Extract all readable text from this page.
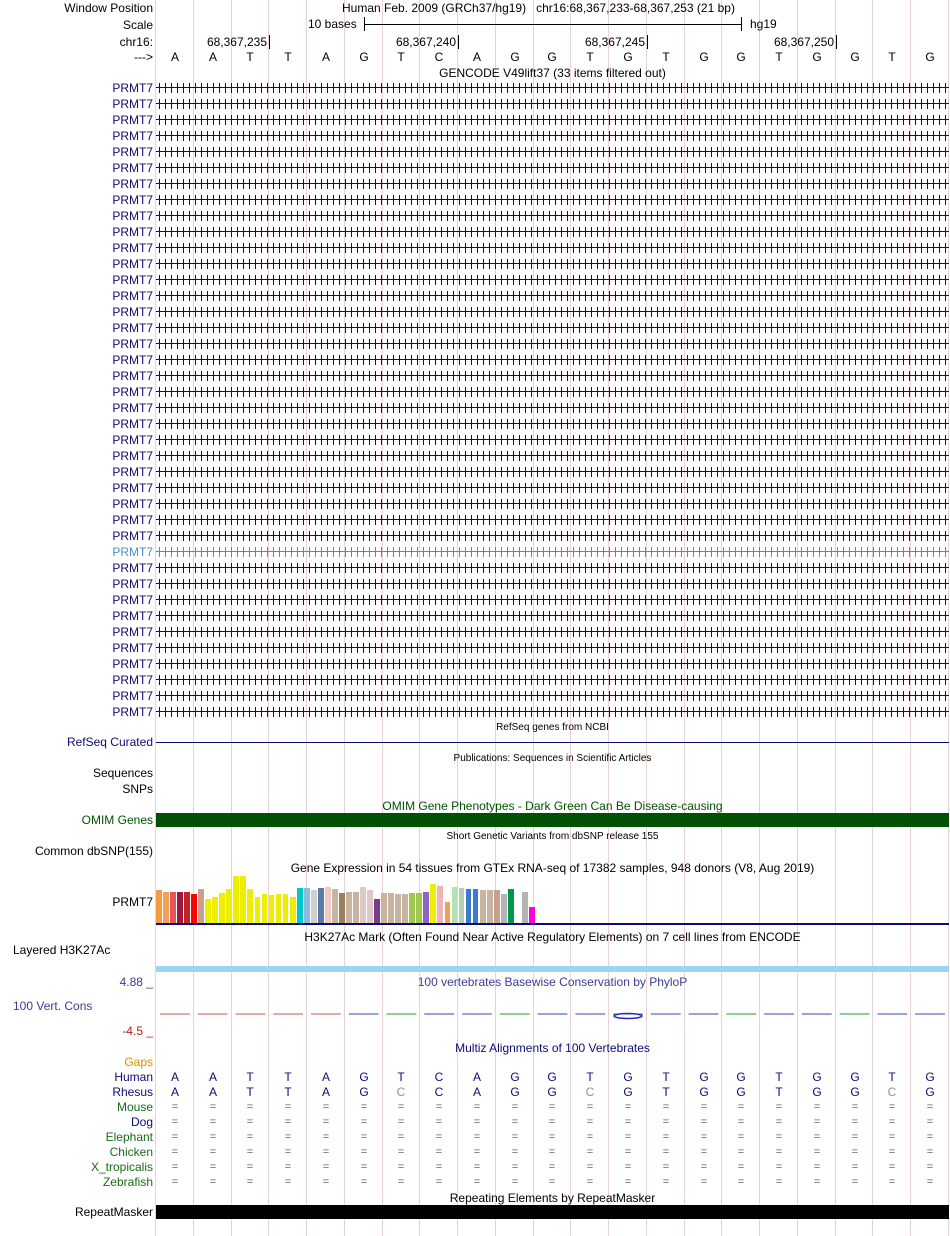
Window Position
Scale
chr16:
--->
Human Feb. 2009 (GRCh37/hg19) chr16:68,367,233-68,367,253 (21 bp)
10 bases	hg19
68,367,235	68,367,240	68,367,245	68,367,250
A	A	T	T	A	G	T	C	A	G	G	T	G	T	G	G	T	G	G	T	G
GENCODE V49lift37 (33 items filtered out)
PRMT7
PRMT7
PRMT7
PRMT7
PRMT7
PRMT7
PRMT7
PRMT7
PRMT7
PRMT7
PRMT7
PRMT7
PRMT7
PRMT7
PRMT7
PRMT7
PRMT7
PRMT7
PRMT7
PRMT7
PRMT7
PRMT7
PRMT7
PRMT7
PRMT7
PRMT7
PRMT7
PRMT7
PRMT7
PRMT7
PRMT7
PRMT7
PRMT7
PRMT7
PRMT7
PRMT7
PRMT7
PRMT7
PRMT7
PRMT7
RefSeq genes from NCBI
RefSeq Curated
Publications: Sequences in Scientific Articles
Sequences
SNPs
OMIM Gene Phenotypes - Dark Green Can Be Disease-causing
OMIM Genes
Short Genetic Variants from dbSNP release 155
Common dbSNP(155)
Gene Expression in 54 tissues from GTEx RNA-seq of 17382 samples, 948 donors (V8, Aug 2019)
PRMT7
H3K27Ac Mark (Often Found Near Active Regulatory Elements) on 7 cell lines from ENCODE
Layered H3K27Ac
100 vertebrates Basewise Conservation by PhyloP
4.88 _
100 Vert. Cons
-4.5 _
Multiz Alignments of 100 Vertebrates
Gaps
Human	A	A	T	T	A	G	T	C	A	G	G	T	G	T	G	G	T	G	G	T	G
Rhesus	A	A	T	T	A	G	C	C	A	G	G	C	G	T	G	G	T	G	G	C	G
Mouse	=	=	=	=	=	=	=	=	=	=	=	=	=	=	=	=	=	=	=	=	=
Dog	=	=	=	=	=	=	=	=	=	=	=	=	=	=	=	=	=	=	=	=	=
Elephant	=	=	=	=	=	=	=	=	=	=	=	=	=	=	=	=	=	=	=	=	=
Chicken	=	=	=	=	=	=	=	=	=	=	=	=	=	=	=	=	=	=	=	=	=
X_tropicalis	=	=	=	=	=	=	=	=	=	=	=	=	=	=	=	=	=	=	=	=	=
Zebrafish	=	=	=	=	=	=	=	=	=	=	=	=	=	=	=	=	=	=	=	=	=
Repeating Elements by RepeatMasker
RepeatMasker
